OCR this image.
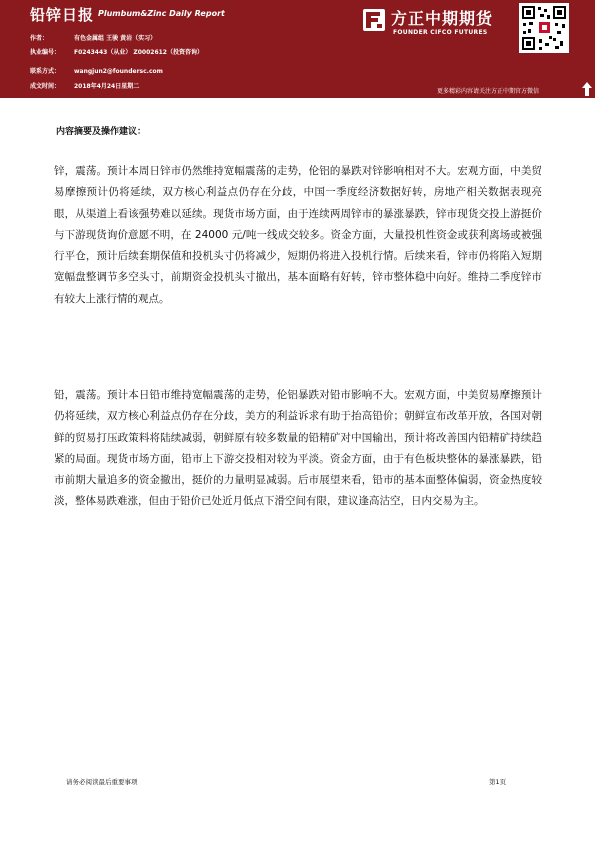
铅锌日报 Plumbum&Zinc Daily Report
作者：	有色金属组 王骏 黄岩（实习）
执业编号： F0243443（从业） Z0002612（投资咨询）
联系方式： wangjun2@foundersc.com
成文时间： 2018年4月24日星期二
方正中期期货
FOUNDER CIFCO FUTURES
更多精彩内容请关注方正中期官方微信
内容摘要及操作建议：

锌，震荡。预计本周日锌市仍然维持宽幅震荡的走势，伦铝的暴跌对锌影响相对不大。宏观方面，中美贸易摩擦预计仍将延续，双方核心利益点仍存在分歧，中国一季度经济数据好转，房地产相关数据表现亮眼，从渠道上看该强势难以延续。现货市场方面，由于连续两周锌市的暴涨暴跌，锌市现货交投上游挺价与下游现货询价意愿不明，在 24000 元/吨一线成交较多。资金方面，大量投机性资金或获利离场或被强行平仓，预计后续套期保值和投机头寸仍将减少，短期仍将进入投机行情。后续来看，锌市仍将陷入短期宽幅盘整调节多空头寸，前期资金投机头寸撤出，基本面略有好转，锌市整体稳中向好。维持二季度锌市有较大上涨行情的观点。

铅，震荡。预计本日铅市维持宽幅震荡的走势，伦铝暴跌对铅市影响不大。宏观方面，中美贸易摩擦预计仍将延续，双方核心利益点仍存在分歧，美方的利益诉求有助于抬高铅价；朝鲜宣布改革开放，各国对朝鲜的贸易打压政策料将陆续减弱，朝鲜原有较多数量的铅精矿对中国输出，预计将改善国内铅精矿持续趋紧的局面。现货市场方面，铅市上下游交投相对较为平淡。资金方面，由于有色板块整体的暴涨暴跌，铅市前期大量追多的资金撤出，挺价的力量明显减弱。后市展望来看，铅市的基本面整体偏弱，资金热度较淡，整体易跌难涨，但由于铅价已处近月低点下滑空间有限，建议逢高沽空，日内交易为主。

请务必阅读最后重要事项	第1页
